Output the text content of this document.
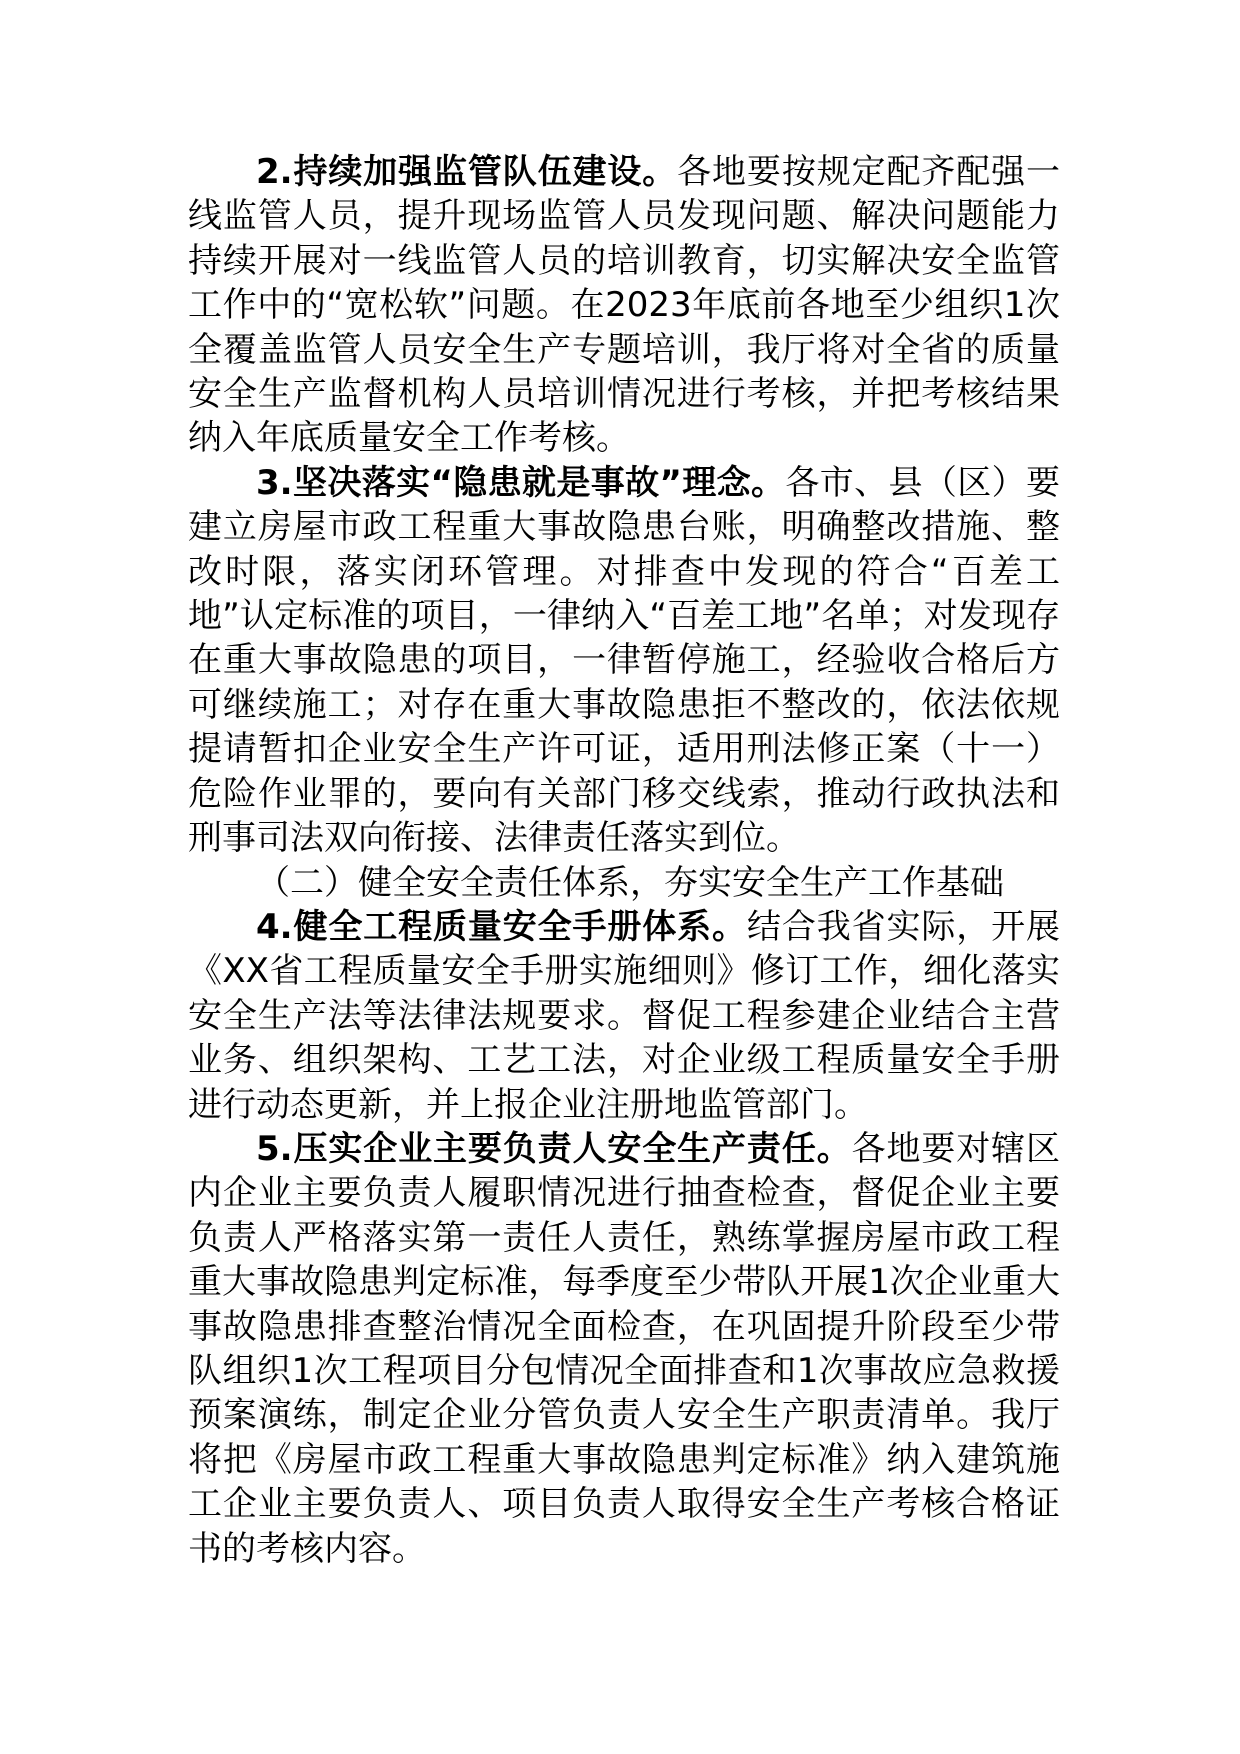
2.持续加强监管队伍建设。各地要按规定配齐配强一线监管人员，提升现场监管人员发现问题、解决问题能力持续开展对一线监管人员的培训教育，切实解决安全监管工作中的“宽松软”问题。在2023年底前各地至少组织1次全覆盖监管人员安全生产专题培训，我厅将对全省的质量安全生产监督机构人员培训情况进行考核，并把考核结果纳入年底质量安全工作考核。

3.坚决落实“隐患就是事故”理念。各市、县（区）要建立房屋市政工程重大事故隐患台账，明确整改措施、整改时限，落实闭环管理。对排查中发现的符合“百差工地”认定标准的项目，一律纳入“百差工地”名单；对发现存在重大事故隐患的项目，一律暂停施工，经验收合格后方可继续施工；对存在重大事故隐患拒不整改的，依法依规提请暂扣企业安全生产许可证，适用刑法修正案（十一）危险作业罪的，要向有关部门移交线索，推动行政执法和刑事司法双向衔接、法律责任落实到位。

（二）健全安全责任体系，夯实安全生产工作基础

4.健全工程质量安全手册体系。结合我省实际，开展《XX省工程质量安全手册实施细则》修订工作，细化落实安全生产法等法律法规要求。督促工程参建企业结合主营业务、组织架构、工艺工法，对企业级工程质量安全手册进行动态更新，并上报企业注册地监管部门。

5.压实企业主要负责人安全生产责任。各地要对辖区内企业主要负责人履职情况进行抽查检查，督促企业主要负责人严格落实第一责任人责任，熟练掌握房屋市政工程重大事故隐患判定标准，每季度至少带队开展1次企业重大事故隐患排查整治情况全面检查，在巩固提升阶段至少带队组织1次工程项目分包情况全面排查和1次事故应急救援预案演练，制定企业分管负责人安全生产职责清单。我厅将把《房屋市政工程重大事故隐患判定标准》纳入建筑施工企业主要负责人、项目负责人取得安全生产考核合格证书的考核内容。
